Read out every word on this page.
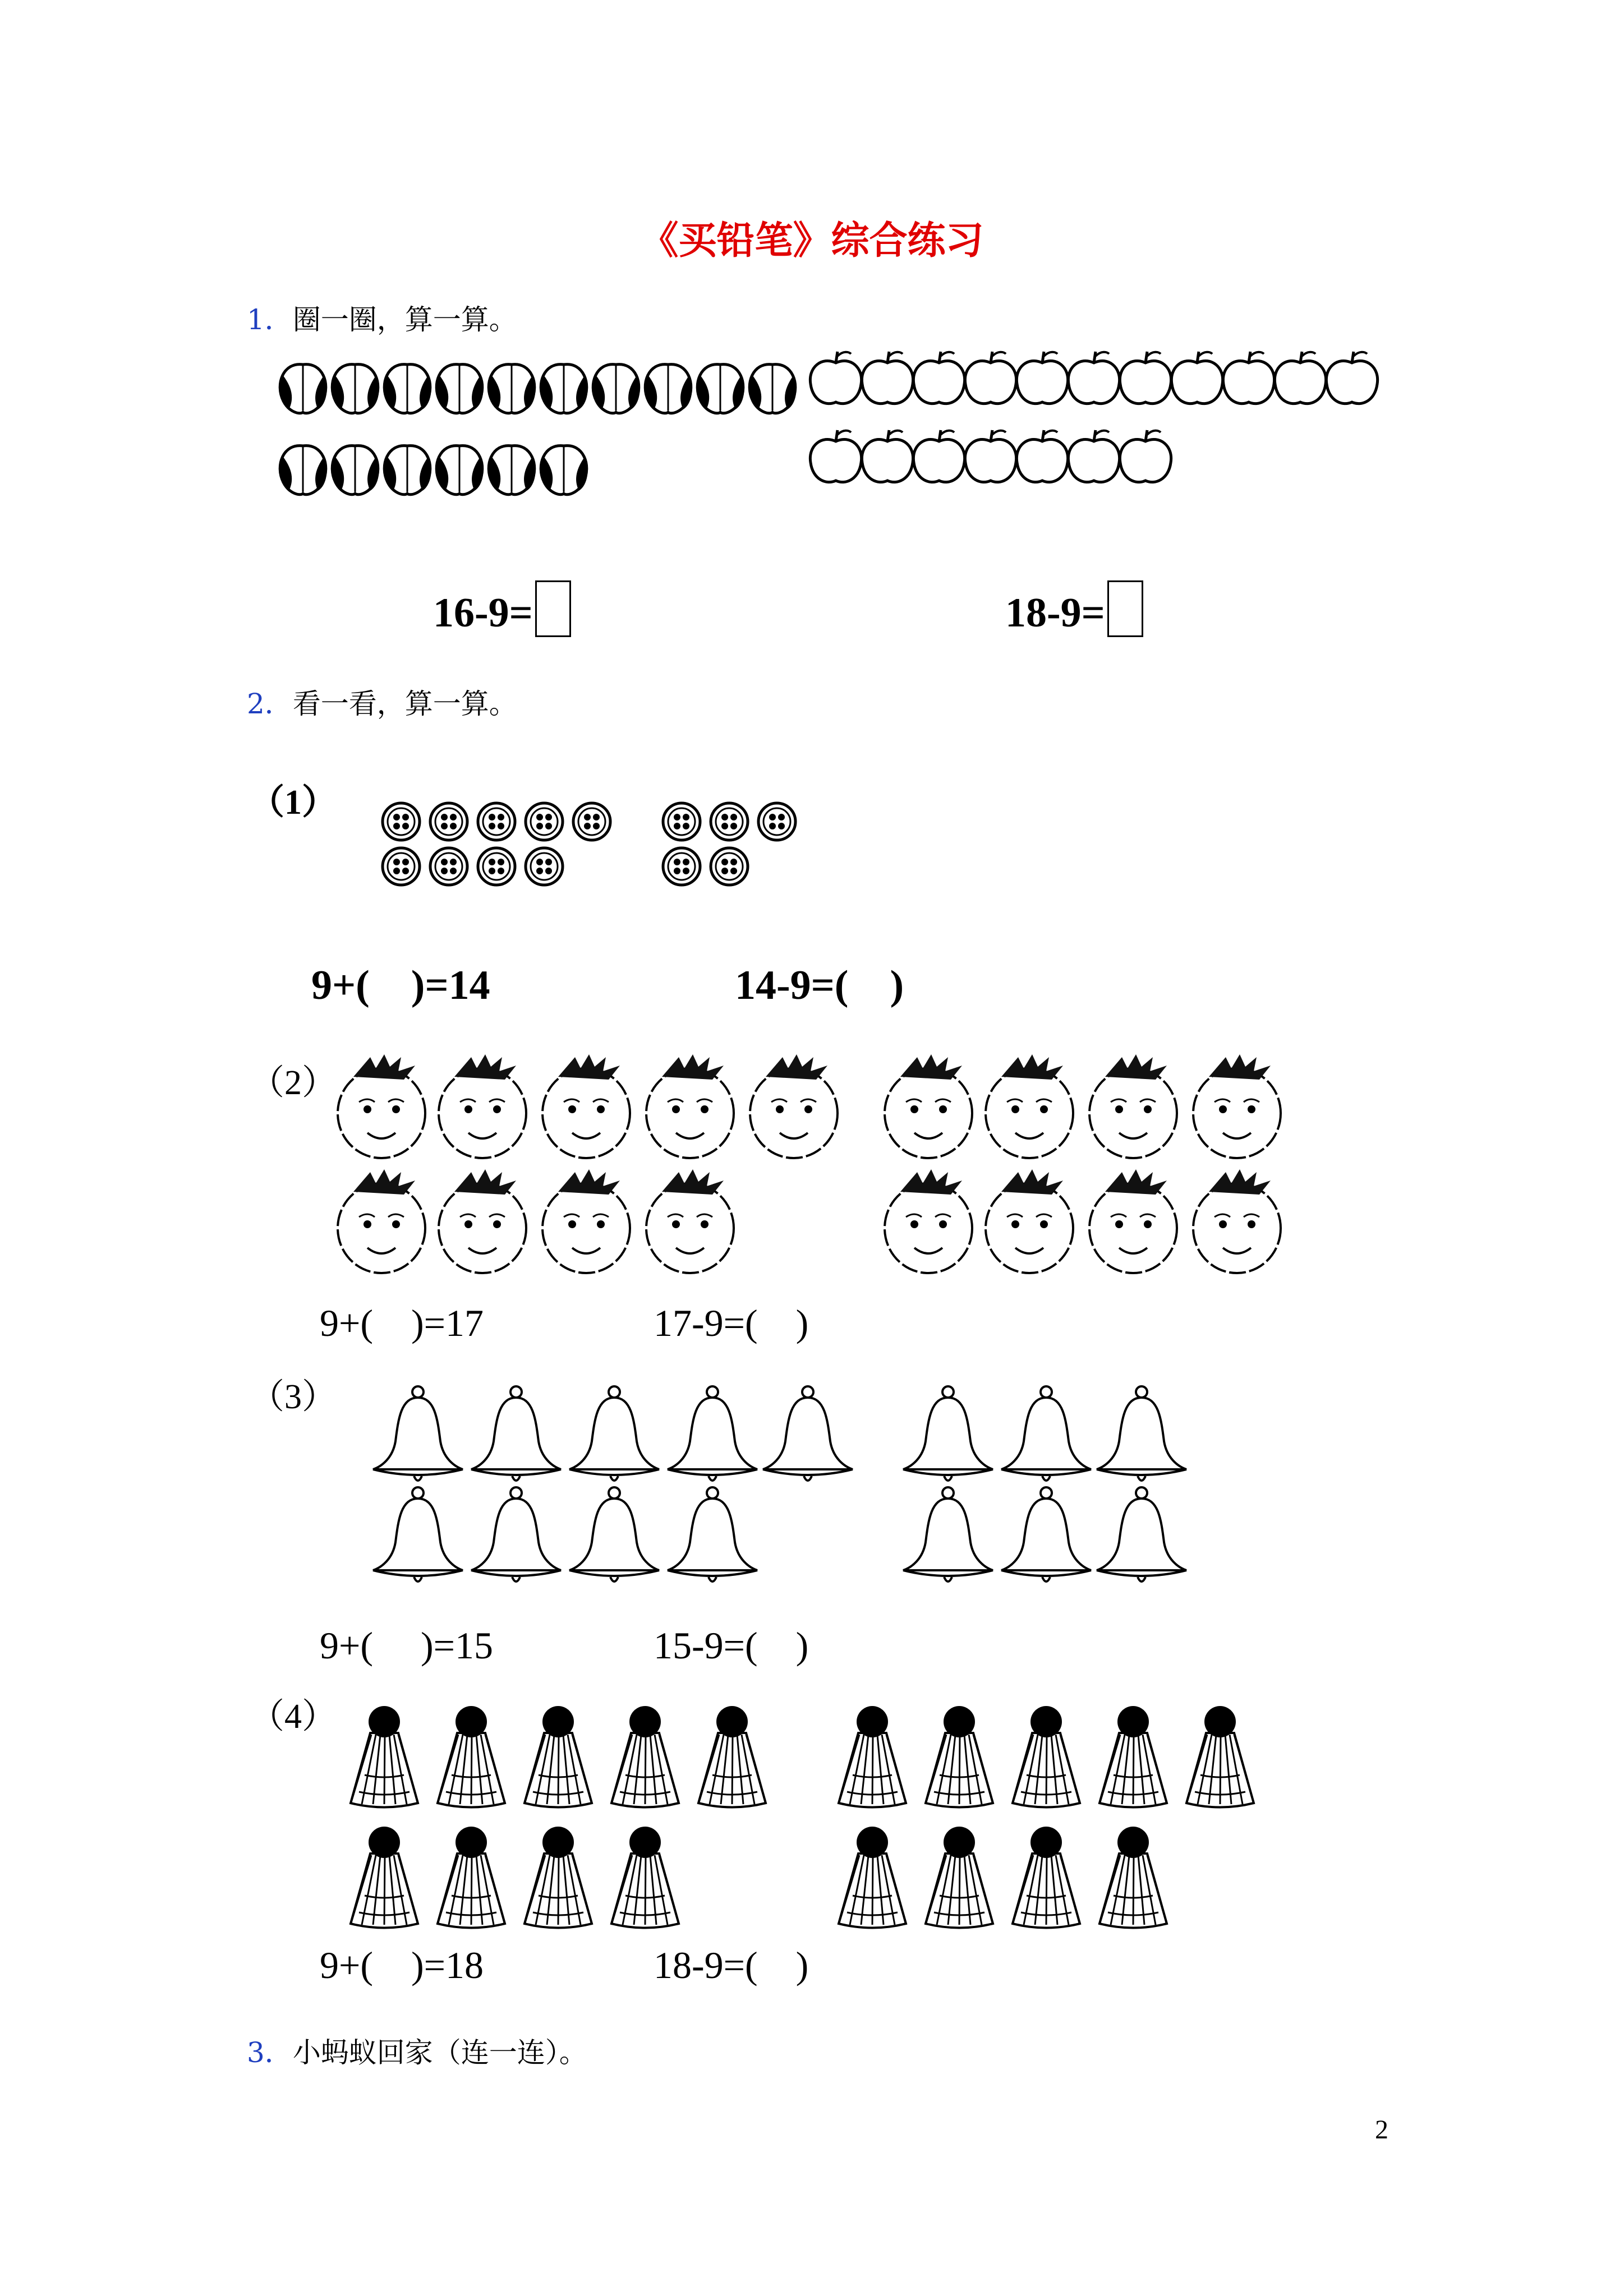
《买铅笔》综合练习
1．圈一圈，算一算。

16-9=	18-9=

2．看一看，算一算。
（1）
9+(    )=14	14-9=(    )
（2）
9+(    )=17	17-9=(    )
（3）
9+(     )=15	15-9=(    )
（4）
9+(    )=18	18-9=(    )
3．小蚂蚁回家（连一连）。
2
